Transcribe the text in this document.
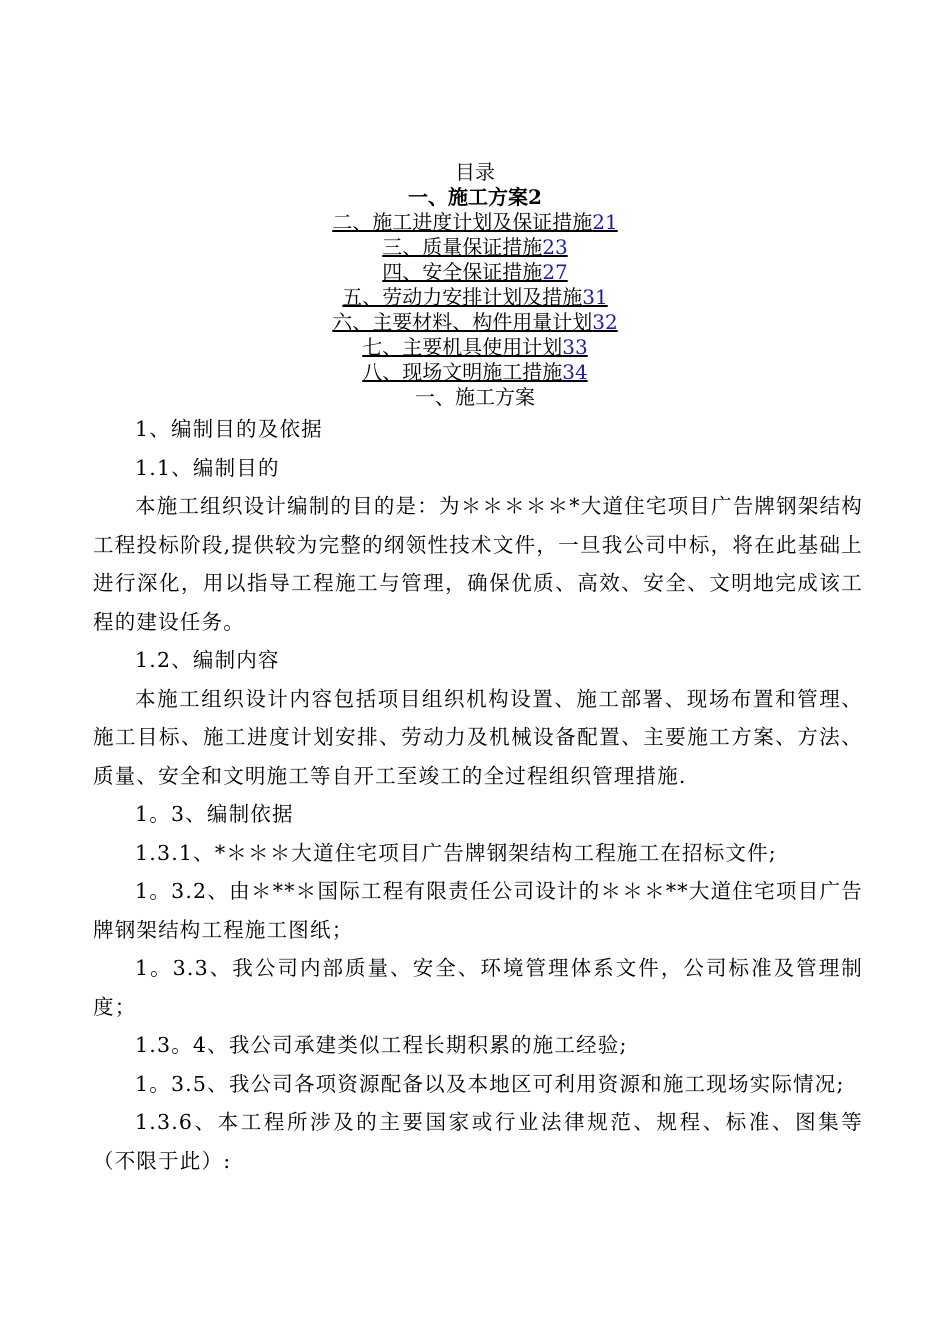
目录

一、施工方案2

二、施工进度计划及保证措施21

三、质量保证措施23

四、安全保证措施27

五、劳动力安排计划及措施31

六、主要材料、构件用量计划32

七、主要机具使用计划33

八、现场文明施工措施34

一、施工方案

1、编制目的及依据

1.1、编制目的

本施工组织设计编制的目的是：为＊＊＊＊＊*大道住宅项目广告牌钢架结构工程投标阶段,提供较为完整的纲领性技术文件，一旦我公司中标，将在此基础上进行深化，用以指导工程施工与管理，确保优质、高效、安全、文明地完成该工程的建设任务。

1.2、编制内容

本施工组织设计内容包括项目组织机构设置、施工部署、现场布置和管理、施工目标、施工进度计划安排、劳动力及机械设备配置、主要施工方案、方法、质量、安全和文明施工等自开工至竣工的全过程组织管理措施.

1。3、编制依据

1.3.1、*＊＊＊大道住宅项目广告牌钢架结构工程施工在招标文件;

1。3.2、由＊**＊国际工程有限责任公司设计的＊＊＊**大道住宅项目广告牌钢架结构工程施工图纸；

1。3.3、我公司内部质量、安全、环境管理体系文件，公司标准及管理制度；

1.3。4、我公司承建类似工程长期积累的施工经验;

1。3.5、我公司各项资源配备以及本地区可利用资源和施工现场实际情况;

1.3.6、本工程所涉及的主要国家或行业法律规范、规程、标准、图集等（不限于此）:
